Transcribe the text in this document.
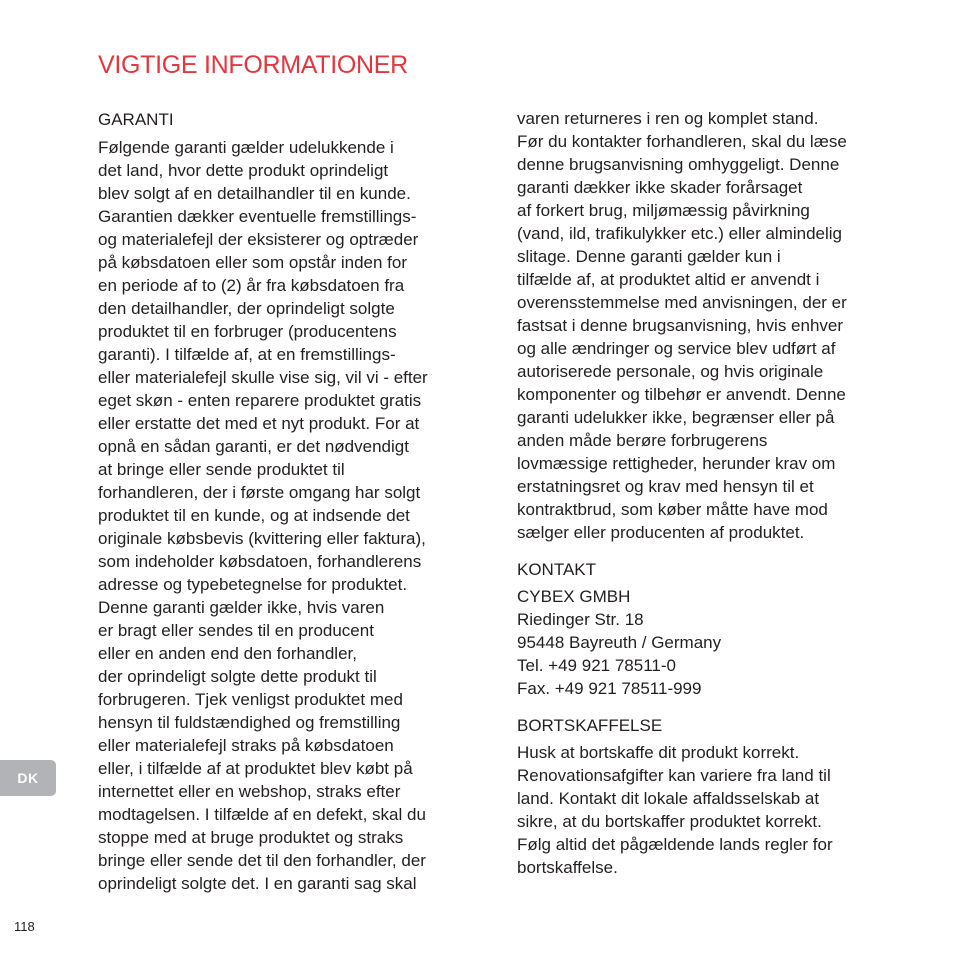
VIGTIGE INFORMATIONER
GARANTI
Følgende garanti gælder udelukkende i
det land, hvor dette produkt oprindeligt
blev solgt af en detailhandler til en kunde.
Garantien dækker eventuelle fremstillings-
og materialefejl der eksisterer og optræder
på købsdatoen eller som opstår inden for
en periode af to (2) år fra købsdatoen fra
den detailhandler, der oprindeligt solgte
produktet til en forbruger (producentens
garanti). I tilfælde af, at en fremstillings-
eller materialefejl skulle vise sig, vil vi - efter
eget skøn - enten reparere produktet gratis
eller erstatte det med et nyt produkt. For at
opnå en sådan garanti, er det nødvendigt
at bringe eller sende produktet til
forhandleren, der i første omgang har solgt
produktet til en kunde, og at indsende det
originale købsbevis (kvittering eller faktura),
som indeholder købsdatoen, forhandlerens
adresse og typebetegnelse for produktet.
Denne garanti gælder ikke, hvis varen
er bragt eller sendes til en producent
eller en anden end den forhandler,
der oprindeligt solgte dette produkt til
forbrugeren. Tjek venligst produktet med
hensyn til fuldstændighed og fremstilling
eller materialefejl straks på købsdatoen
eller, i tilfælde af at produktet blev købt på
internettet eller en webshop, straks efter
modtagelsen. I tilfælde af en defekt, skal du
stoppe med at bruge produktet og straks
bringe eller sende det til den forhandler, der
oprindeligt solgte det. I en garanti sag skal
varen returneres i ren og komplet stand.
Før du kontakter forhandleren, skal du læse
denne brugsanvisning omhyggeligt. Denne
garanti dækker ikke skader forårsaget
af forkert brug, miljømæssig påvirkning
(vand, ild, trafikulykker etc.) eller almindelig
slitage. Denne garanti gælder kun i
tilfælde af, at produktet altid er anvendt i
overensstemmelse med anvisningen, der er
fastsat i denne brugsanvisning, hvis enhver
og alle ændringer og service blev udført af
autoriserede personale, og hvis originale
komponenter og tilbehør er anvendt. Denne
garanti udelukker ikke, begrænser eller på
anden måde berøre forbrugerens
lovmæssige rettigheder, herunder krav om
erstatningsret og krav med hensyn til et
kontraktbrud, som køber måtte have mod
sælger eller producenten af produktet.
KONTAKT
CYBEX GMBH
Riedinger Str. 18
95448 Bayreuth / Germany
Tel. +49 921 78511-0
Fax. +49 921 78511-999
BORTSKAFFELSE
Husk at bortskaffe dit produkt korrekt.
Renovationsafgifter kan variere fra land til
land. Kontakt dit lokale affaldsselskab at
sikre, at du bortskaffer produktet korrekt.
Følg altid det pågældende lands regler for
bortskaffelse.
DK
118
